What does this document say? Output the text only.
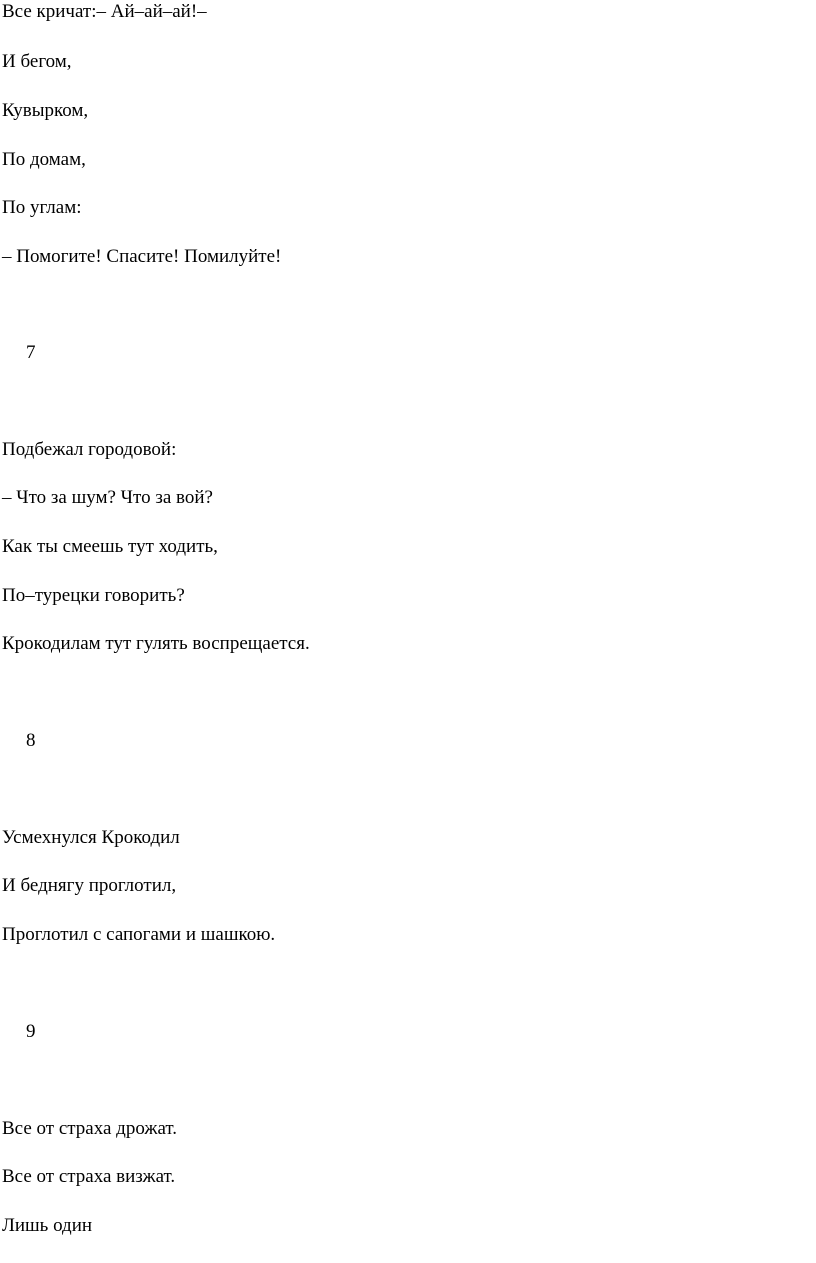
Все кричат:– Ай–ай–ай!–
И бегом,
Кувырком,
По домам,
По углам:
– Помогите! Спасите! Помилуйте!
7
Подбежал городовой:
– Что за шум? Что за вой?
Как ты смеешь тут ходить,
По–турецки говорить?
Крокодилам тут гулять воспрещается.
8
Усмехнулся Крокодил
И беднягу проглотил,
Проглотил с сапогами и шашкою.
9
Все от страха дрожат.
Все от страха визжат.
Лишь один
